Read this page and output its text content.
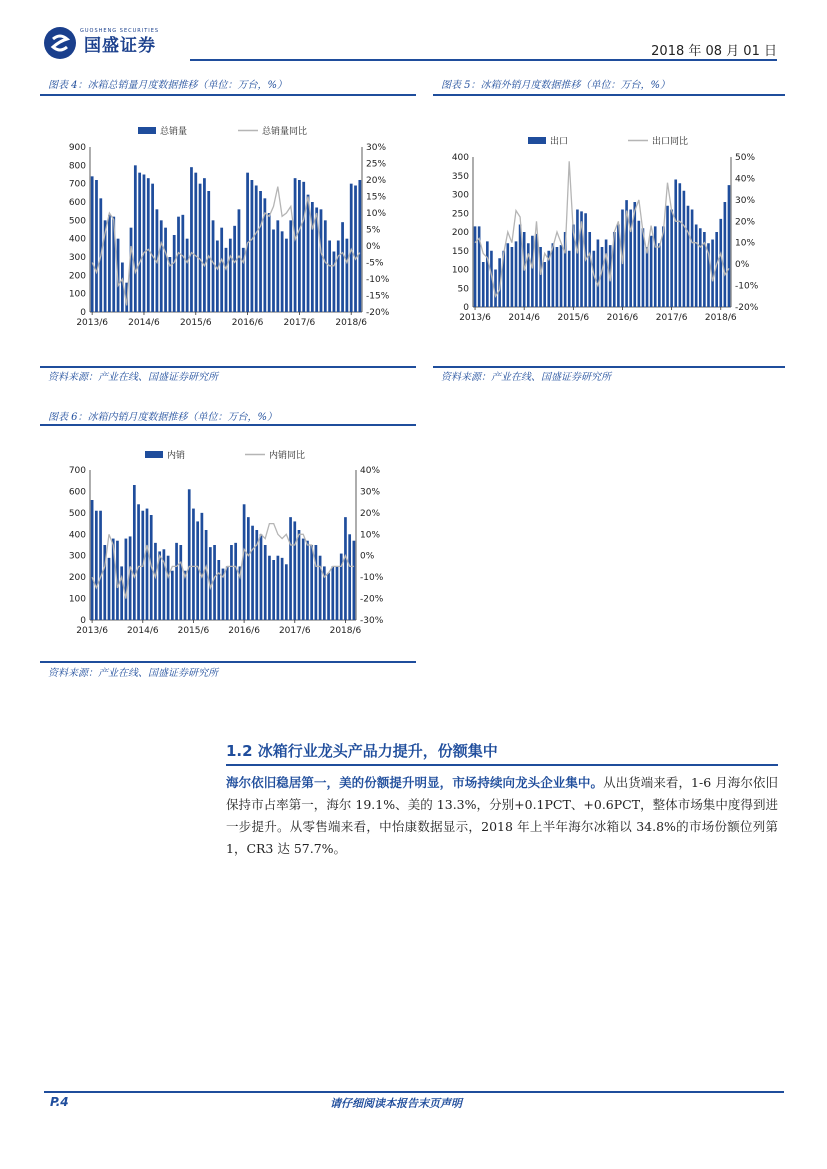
国盛证券
GUOSHENG SECURITIES
2018 年 08 月 01 日
图表 4：冰箱总销量月度数据推移（单位：万台，%）
0
100
200
300
400
500
600
700
800
900	30%
25%
20%
15%
10%
5%
0%
-5%
-10%
-15%
-20%
2013/6 2014/6 2015/6 2016/6 2017/6 2018/6
总销量	总销量同比
资料来源：产业在线、国盛证券研究所
图表 5：冰箱外销月度数据推移（单位：万台，%）
0
50
100
150
200
250
300
350
400	50%
40%
30%
20%
10%
0%
-10%
-20%
2013/6 2014/6 2015/6 2016/6 2017/6 2018/6
出口	出口同比
资料来源：产业在线、国盛证券研究所
图表 6：冰箱内销月度数据推移（单位：万台，%）
0
100
200
300
400
500
600
700	40%
30%
20%
10%
0%
-10%
-20%
-30%
2013/6 2014/6 2015/6 2016/6 2017/6 2018/6
内销	内销同比
资料来源：产业在线、国盛证券研究所
1.2 冰箱行业龙头产品力提升，份额集中
海尔依旧稳居第一，美的份额提升明显，市场持续向龙头企业集中。从出货端来看，1-6 月海尔依旧保持市占率第一，海尔 19.1%、美的 13.3%，分别+0.1PCT、+0.6PCT，整体市场集中度得到进一步提升。从零售端来看，中怡康数据显示，2018 年上半年海尔冰箱以 34.8%的市场份额位列第 1，CR3 达 57.7%。
P.4	请仔细阅读本报告末页声明
